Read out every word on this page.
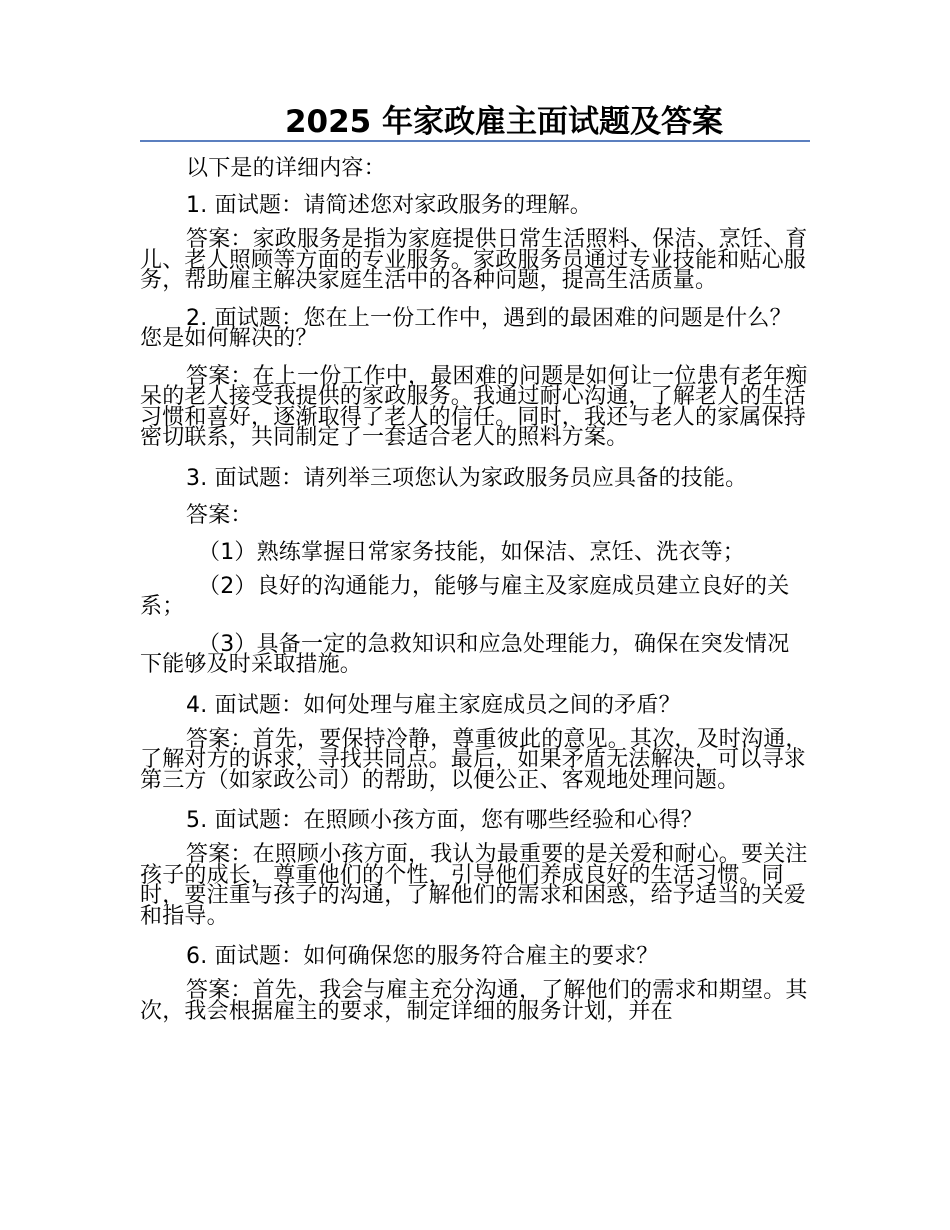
2025 年家政雇主面试题及答案

以下是的详细内容：

1. 面试题：请简述您对家政服务的理解。

答案：家政服务是指为家庭提供日常生活照料、保洁、烹饪、育儿、老人照顾等方面的专业服务。家政服务员通过专业技能和贴心服务，帮助雇主解决家庭生活中的各种问题，提高生活质量。

2. 面试题：您在上一份工作中，遇到的最困难的问题是什么？您是如何解决的？

答案：在上一份工作中，最困难的问题是如何让一位患有老年痴呆的老人接受我提供的家政服务。我通过耐心沟通，了解老人的生活习惯和喜好，逐渐取得了老人的信任。同时，我还与老人的家属保持密切联系，共同制定了一套适合老人的照料方案。

3. 面试题：请列举三项您认为家政服务员应具备的技能。

答案：

（1）熟练掌握日常家务技能，如保洁、烹饪、洗衣等；

（2）良好的沟通能力，能够与雇主及家庭成员建立良好的关系；

（3）具备一定的急救知识和应急处理能力，确保在突发情况下能够及时采取措施。

4. 面试题：如何处理与雇主家庭成员之间的矛盾？

答案：首先，要保持冷静，尊重彼此的意见。其次，及时沟通，了解对方的诉求，寻找共同点。最后，如果矛盾无法解决，可以寻求第三方（如家政公司）的帮助，以便公正、客观地处理问题。

5. 面试题：在照顾小孩方面，您有哪些经验和心得？

答案：在照顾小孩方面，我认为最重要的是关爱和耐心。要关注孩子的成长，尊重他们的个性，引导他们养成良好的生活习惯。同时，要注重与孩子的沟通，了解他们的需求和困惑，给予适当的关爱和指导。

6. 面试题：如何确保您的服务符合雇主的要求？

答案：首先，我会与雇主充分沟通，了解他们的需求和期望。其次，我会根据雇主的要求，制定详细的服务计划，并在
